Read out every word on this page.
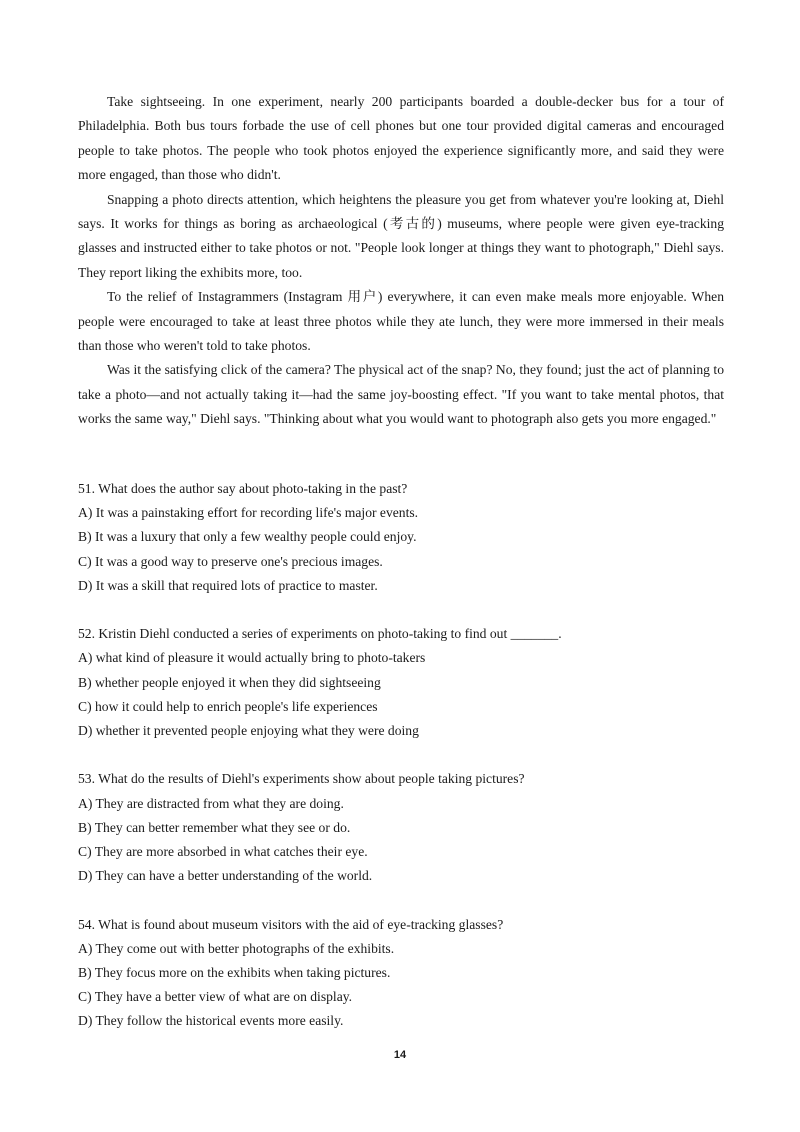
Take sightseeing. In one experiment, nearly 200 participants boarded a double-decker bus for a tour of Philadelphia. Both bus tours forbade the use of cell phones but one tour provided digital cameras and encouraged people to take photos. The people who took photos enjoyed the experience significantly more, and said they were more engaged, than those who didn't.

Snapping a photo directs attention, which heightens the pleasure you get from whatever you're looking at, Diehl says. It works for things as boring as archaeological (考古的) museums, where people were given eye-tracking glasses and instructed either to take photos or not. "People look longer at things they want to photograph," Diehl says. They report liking the exhibits more, too.

To the relief of Instagrammers (Instagram 用户) everywhere, it can even make meals more enjoyable. When people were encouraged to take at least three photos while they ate lunch, they were more immersed in their meals than those who weren't told to take photos.

Was it the satisfying click of the camera? The physical act of the snap? No, they found; just the act of planning to take a photo—and not actually taking it—had the same joy-boosting effect. "If you want to take mental photos, that works the same way," Diehl says. "Thinking about what you would want to photograph also gets you more engaged."

51. What does the author say about photo-taking in the past?
A) It was a painstaking effort for recording life's major events.
B) It was a luxury that only a few wealthy people could enjoy.
C) It was a good way to preserve one's precious images.
D) It was a skill that required lots of practice to master.
52. Kristin Diehl conducted a series of experiments on photo-taking to find out _______.
A) what kind of pleasure it would actually bring to photo-takers
B) whether people enjoyed it when they did sightseeing
C) how it could help to enrich people's life experiences
D) whether it prevented people enjoying what they were doing
53. What do the results of Diehl's experiments show about people taking pictures?
A) They are distracted from what they are doing.
B) They can better remember what they see or do.
C) They are more absorbed in what catches their eye.
D) They can have a better understanding of the world.
54. What is found about museum visitors with the aid of eye-tracking glasses?
A) They come out with better photographs of the exhibits.
B) They focus more on the exhibits when taking pictures.
C) They have a better view of what are on display.
D) They follow the historical events more easily.
14
